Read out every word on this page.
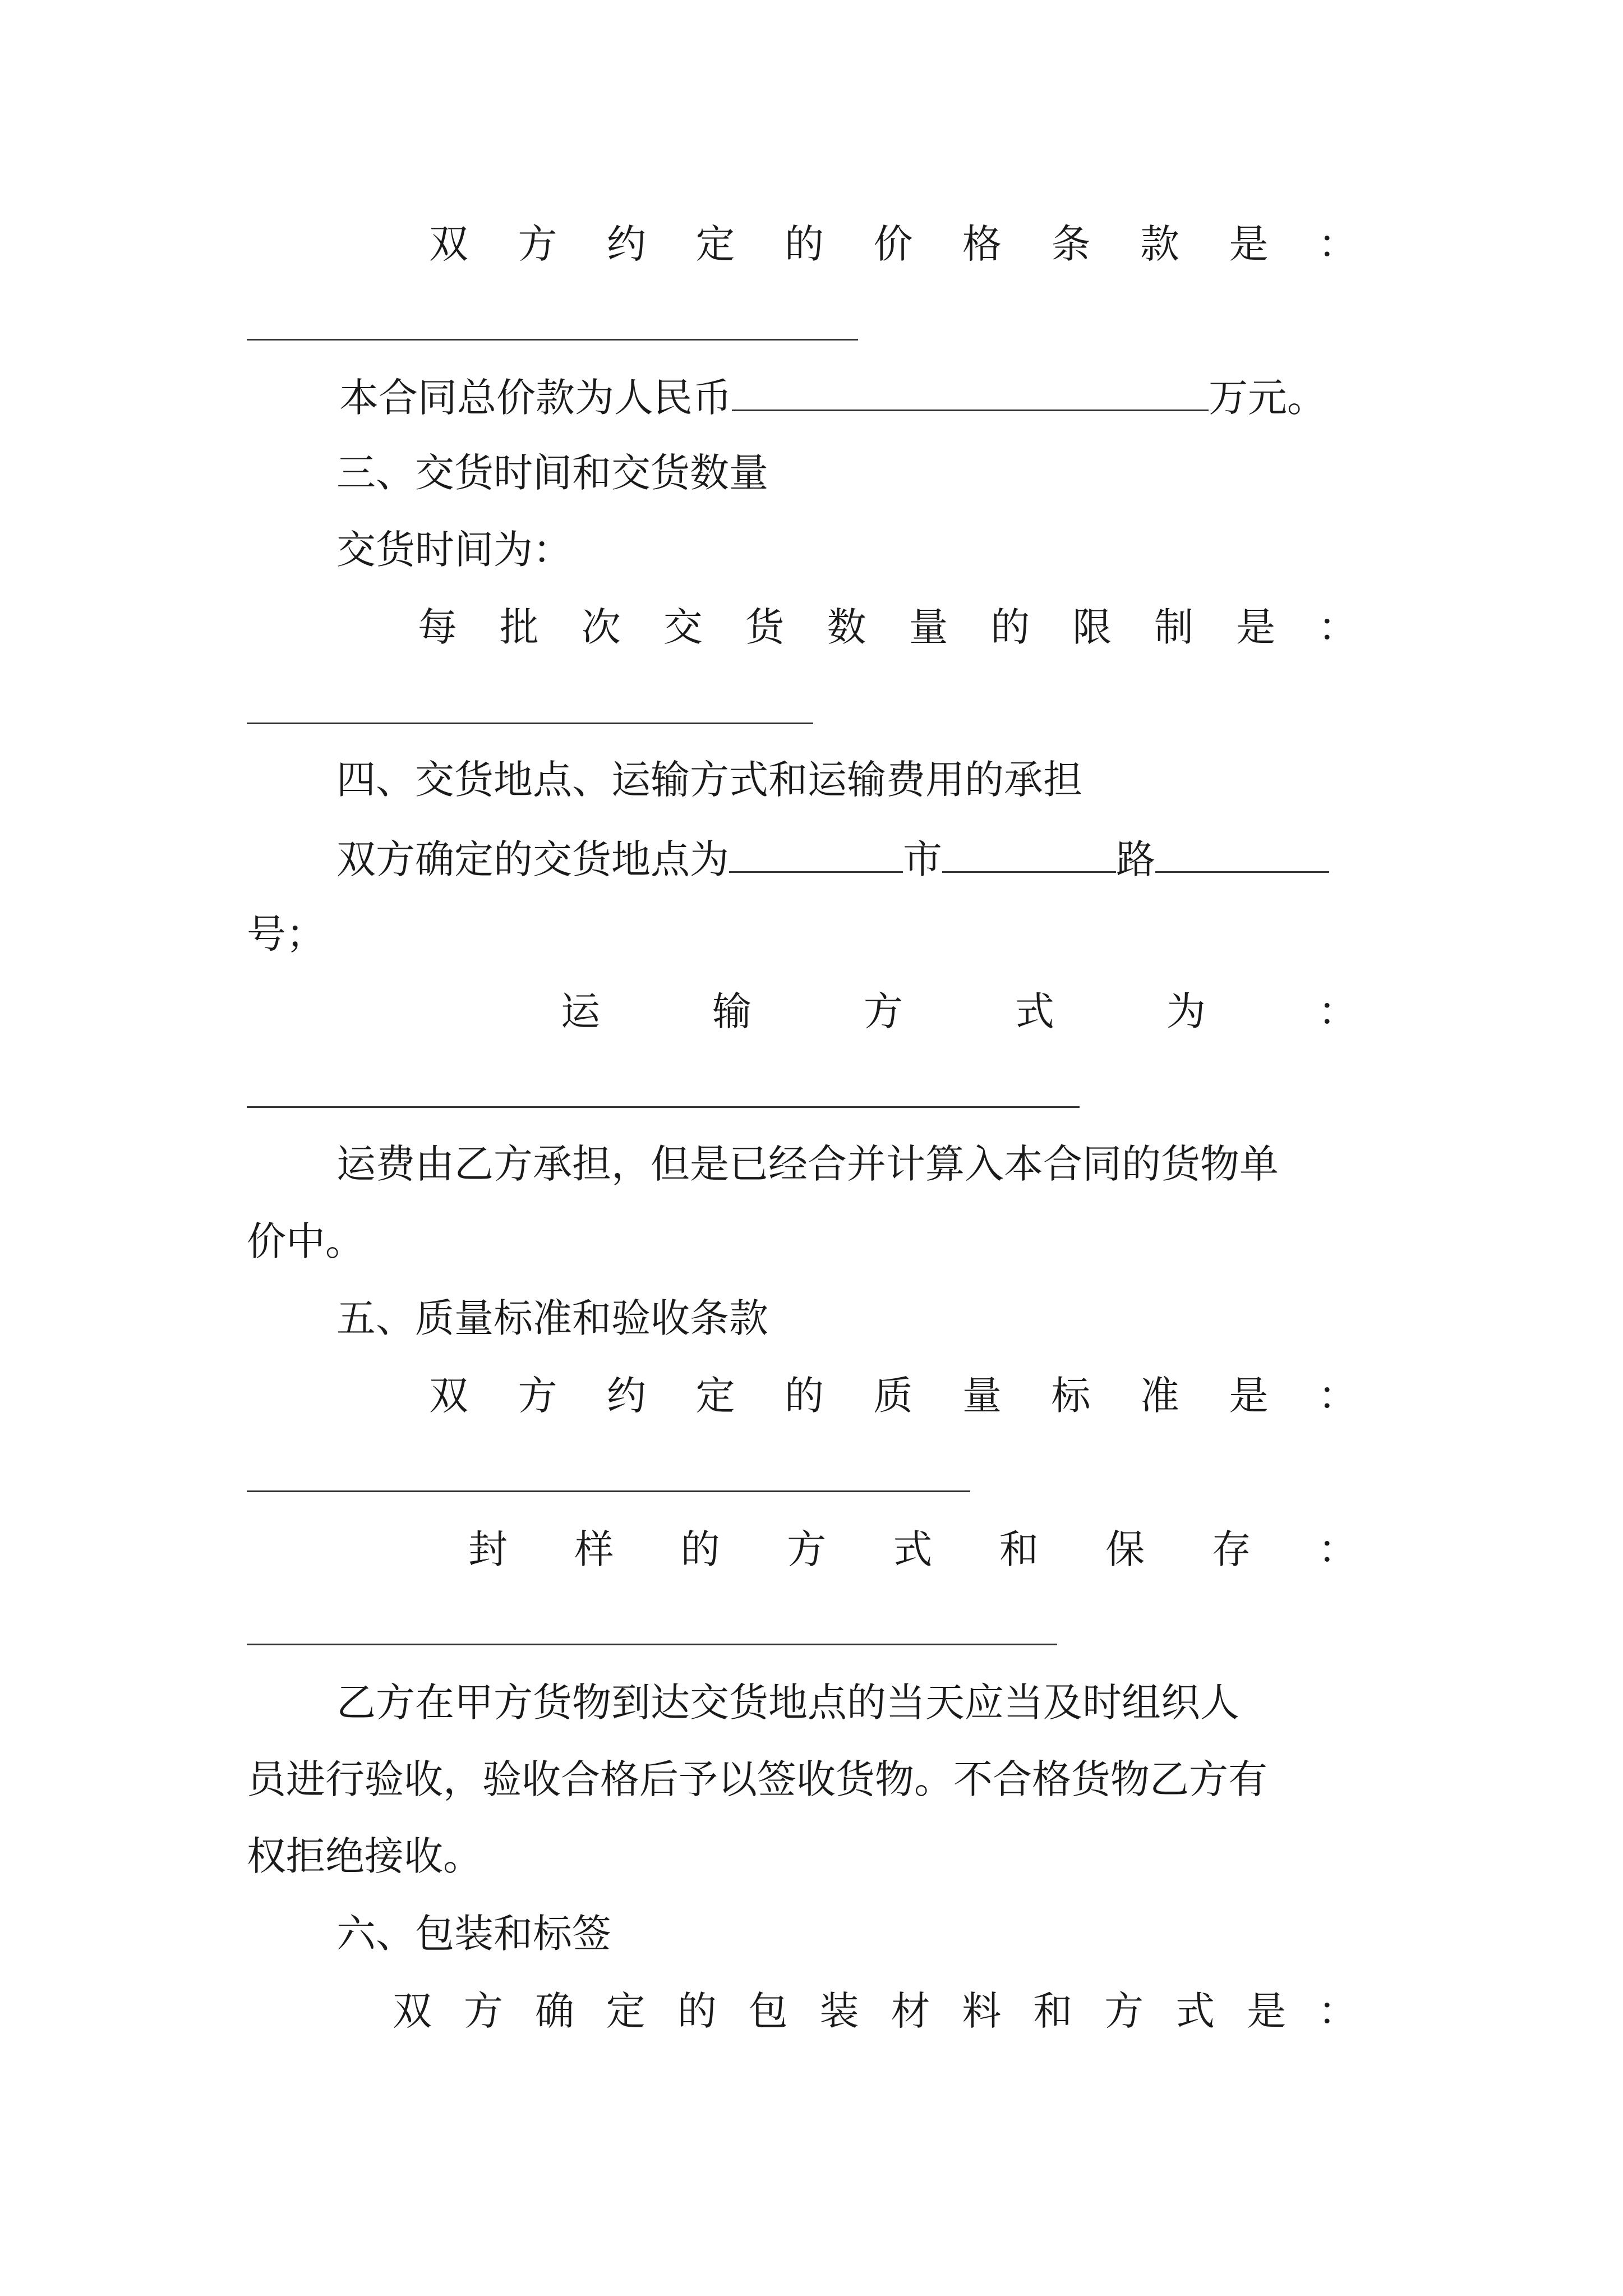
双 方 约 定 的 价 格 条 款 是 ：
本合同总价款为人民币	万元。
三、交货时间和交货数量
交货时间为：
每 批 次 交 货 数 量 的 限 制 是 ：
四、交货地点、运输方式和运输费用的承担
双方确定的交货地点为	市	路
号；
运	输	方	式	为	：
运费由乙方承担，但是已经合并计算入本合同的货物单
价中。
五、质量标准和验收条款
双 方 约 定 的 质 量 标 准 是 ：
封 样 的 方 式 和 保 存 ：
乙方在甲方货物到达交货地点的当天应当及时组织人
员进行验收，验收合格后予以签收货物。不合格货物乙方有
权拒绝接收。
六、包装和标签
双 方 确 定 的 包 装 材 料 和 方 式 是 ：
